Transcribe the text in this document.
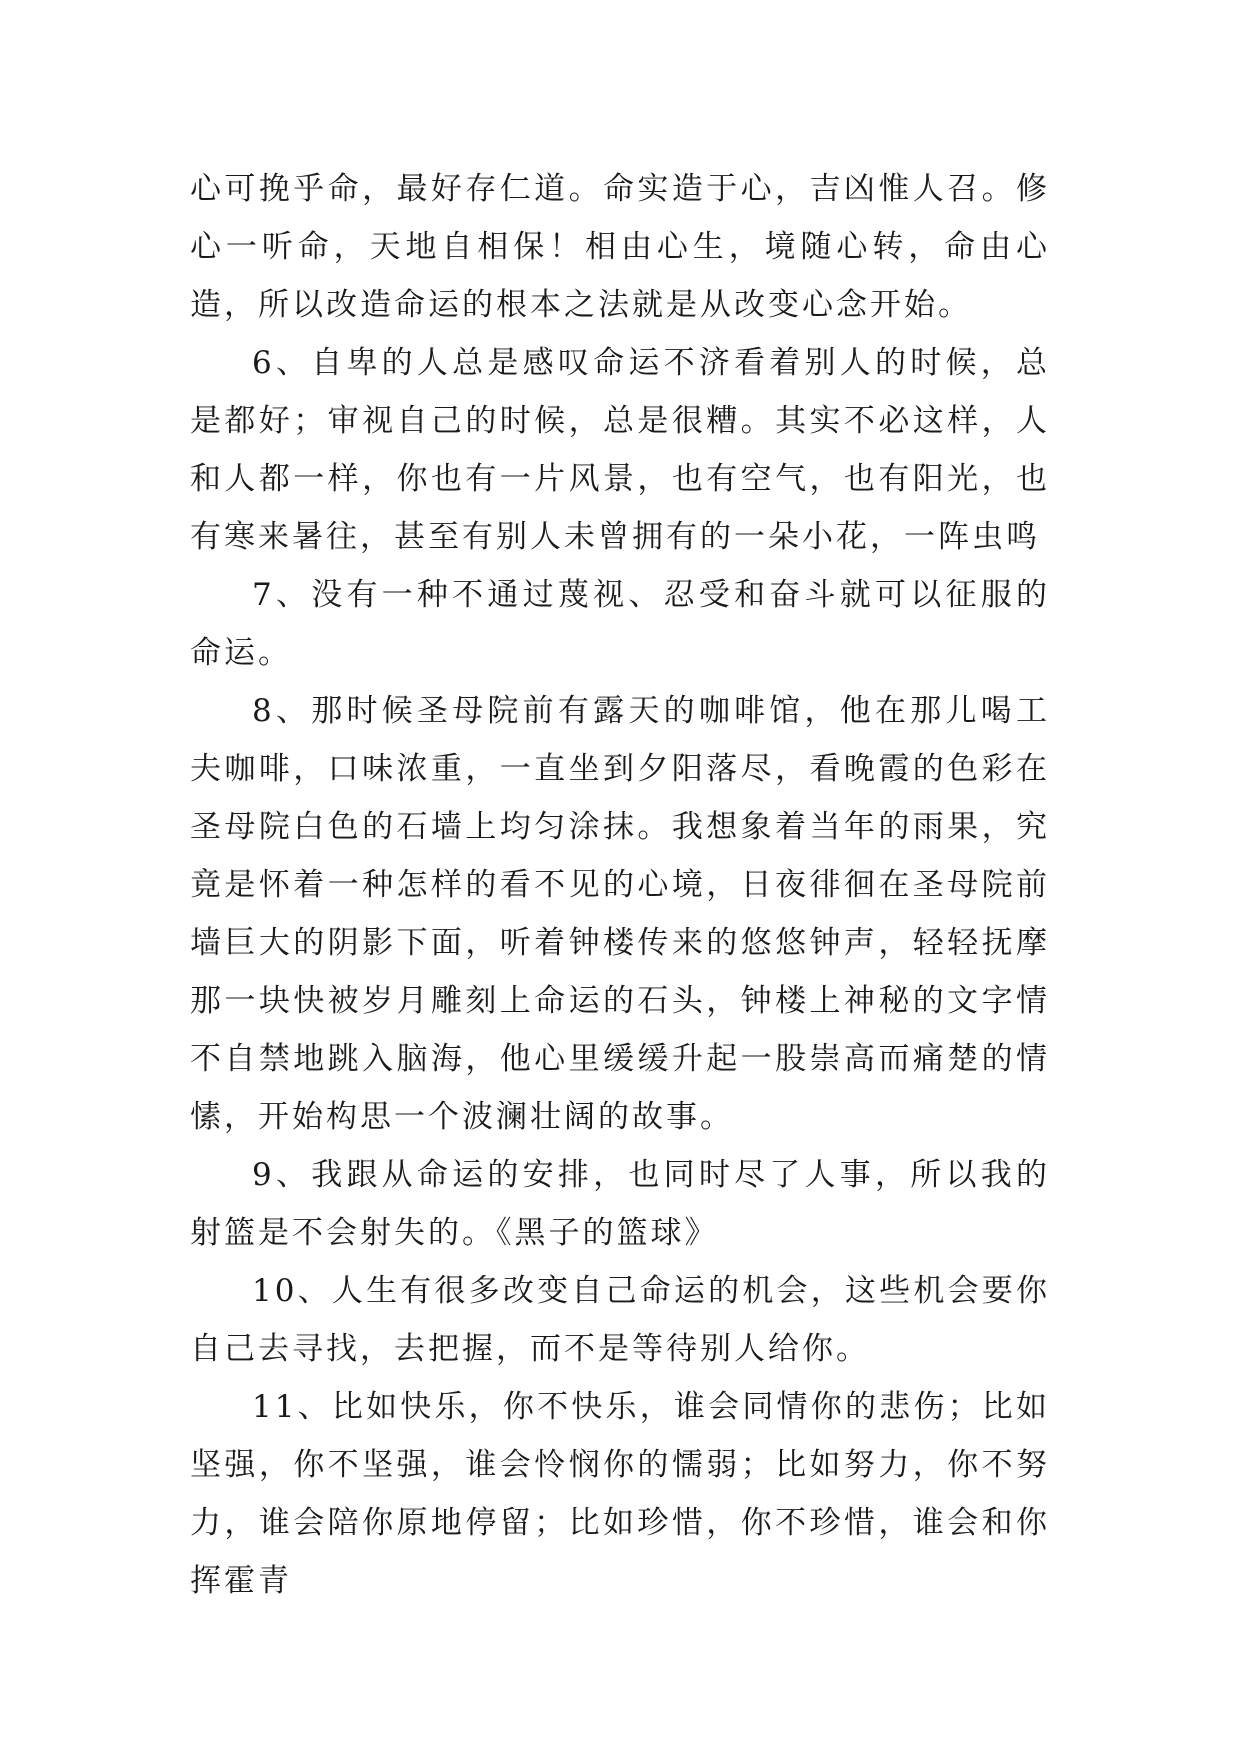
心可挽乎命，最好存仁道。命实造于心，吉凶惟人召。修心一听命，天地自相保！相由心生，境随心转，命由心造，所以改造命运的根本之法就是从改变心念开始。

6、自卑的人总是感叹命运不济看着别人的时候，总是都好；审视自己的时候，总是很糟。其实不必这样，人和人都一样，你也有一片风景，也有空气，也有阳光，也有寒来暑往，甚至有别人未曾拥有的一朵小花，一阵虫鸣

7、没有一种不通过蔑视、忍受和奋斗就可以征服的命运。

8、那时候圣母院前有露天的咖啡馆，他在那儿喝工夫咖啡，口味浓重，一直坐到夕阳落尽，看晚霞的色彩在圣母院白色的石墙上均匀涂抹。我想象着当年的雨果，究竟是怀着一种怎样的看不见的心境，日夜徘徊在圣母院前墙巨大的阴影下面，听着钟楼传来的悠悠钟声，轻轻抚摩那一块快被岁月雕刻上命运的石头，钟楼上神秘的文字情不自禁地跳入脑海，他心里缓缓升起一股崇高而痛楚的情愫，开始构思一个波澜壮阔的故事。

9、我跟从命运的安排，也同时尽了人事，所以我的射篮是不会射失的。《黑子的篮球》

10、人生有很多改变自己命运的机会，这些机会要你自己去寻找，去把握，而不是等待别人给你。

11、比如快乐，你不快乐，谁会同情你的悲伤；比如坚强，你不坚强，谁会怜悯你的懦弱；比如努力，你不努力，谁会陪你原地停留；比如珍惜，你不珍惜，谁会和你挥霍青
